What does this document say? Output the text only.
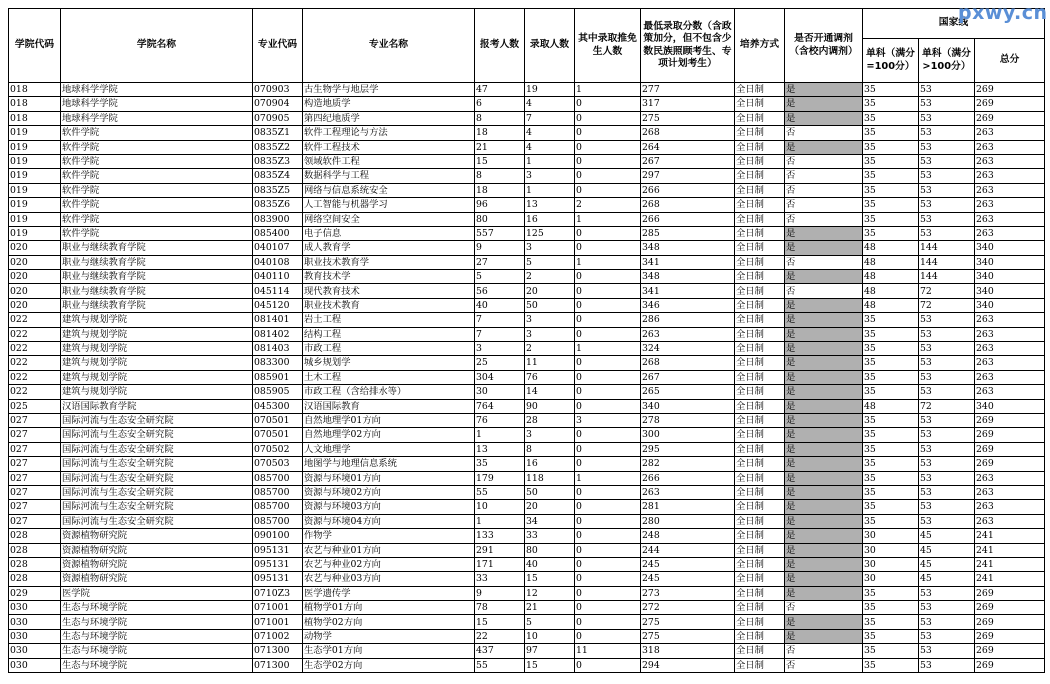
pxwy.cn
学院代码	学院名称	专业代码	专业名称	报考人数	录取人数	其中录取推免生人数	最低录取分数（含政策加分，但不包含少数民族照顾考生、专项计划考生）	培养方式	是否开通调剂（含校内调剂）	国家线		
										单科（满分=100分）	单科（满分>100分）	总分
018	地球科学学院	070903	古生物学与地层学	47	19	1	277	全日制	是	35	53	269
018	地球科学学院	070904	构造地质学	6	4	0	317	全日制	是	35	53	269
018	地球科学学院	070905	第四纪地质学	8	7	0	275	全日制	是	35	53	269
019	软件学院	0835Z1	软件工程理论与方法	18	4	0	268	全日制	否	35	53	263
019	软件学院	0835Z2	软件工程技术	21	4	0	264	全日制	是	35	53	263
019	软件学院	0835Z3	领域软件工程	15	1	0	267	全日制	否	35	53	263
019	软件学院	0835Z4	数据科学与工程	8	3	0	297	全日制	否	35	53	263
019	软件学院	0835Z5	网络与信息系统安全	18	1	0	266	全日制	否	35	53	263
019	软件学院	0835Z6	人工智能与机器学习	96	13	2	268	全日制	否	35	53	263
019	软件学院	083900	网络空间安全	80	16	1	266	全日制	否	35	53	263
019	软件学院	085400	电子信息	557	125	0	285	全日制	是	35	53	263
020	职业与继续教育学院	040107	成人教育学	9	3	0	348	全日制	是	48	144	340
020	职业与继续教育学院	040108	职业技术教育学	27	5	1	341	全日制	否	48	144	340
020	职业与继续教育学院	040110	教育技术学	5	2	0	348	全日制	是	48	144	340
020	职业与继续教育学院	045114	现代教育技术	56	20	0	341	全日制	否	48	72	340
020	职业与继续教育学院	045120	职业技术教育	40	50	0	346	全日制	是	48	72	340
022	建筑与规划学院	081401	岩土工程	7	3	0	286	全日制	是	35	53	263
022	建筑与规划学院	081402	结构工程	7	3	0	263	全日制	是	35	53	263
022	建筑与规划学院	081403	市政工程	3	2	1	324	全日制	是	35	53	263
022	建筑与规划学院	083300	城乡规划学	25	11	0	268	全日制	是	35	53	263
022	建筑与规划学院	085901	土木工程	304	76	0	267	全日制	是	35	53	263
022	建筑与规划学院	085905	市政工程（含给排水等）	30	14	0	265	全日制	是	35	53	263
025	汉语国际教育学院	045300	汉语国际教育	764	90	0	340	全日制	是	48	72	340
027	国际河流与生态安全研究院	070501	自然地理学01方向	76	28	3	278	全日制	是	35	53	269
027	国际河流与生态安全研究院	070501	自然地理学02方向	1	3	0	300	全日制	是	35	53	269
027	国际河流与生态安全研究院	070502	人文地理学	13	8	0	295	全日制	是	35	53	269
027	国际河流与生态安全研究院	070503	地图学与地理信息系统	35	16	0	282	全日制	是	35	53	269
027	国际河流与生态安全研究院	085700	资源与环境01方向	179	118	1	266	全日制	是	35	53	263
027	国际河流与生态安全研究院	085700	资源与环境02方向	55	50	0	263	全日制	是	35	53	263
027	国际河流与生态安全研究院	085700	资源与环境03方向	10	20	0	281	全日制	是	35	53	263
027	国际河流与生态安全研究院	085700	资源与环境04方向	1	34	0	280	全日制	是	35	53	263
028	资源植物研究院	090100	作物学	133	33	0	248	全日制	是	30	45	241
028	资源植物研究院	095131	农艺与种业01方向	291	80	0	244	全日制	是	30	45	241
028	资源植物研究院	095131	农艺与种业02方向	171	40	0	245	全日制	是	30	45	241
028	资源植物研究院	095131	农艺与种业03方向	33	15	0	245	全日制	是	30	45	241
029	医学院	0710Z3	医学遗传学	9	12	0	273	全日制	是	35	53	269
030	生态与环境学院	071001	植物学01方向	78	21	0	272	全日制	否	35	53	269
030	生态与环境学院	071001	植物学02方向	15	5	0	275	全日制	是	35	53	269
030	生态与环境学院	071002	动物学	22	10	0	275	全日制	是	35	53	269
030	生态与环境学院	071300	生态学01方向	437	97	11	318	全日制	否	35	53	269
030	生态与环境学院	071300	生态学02方向	55	15	0	294	全日制	否	35	53	269
